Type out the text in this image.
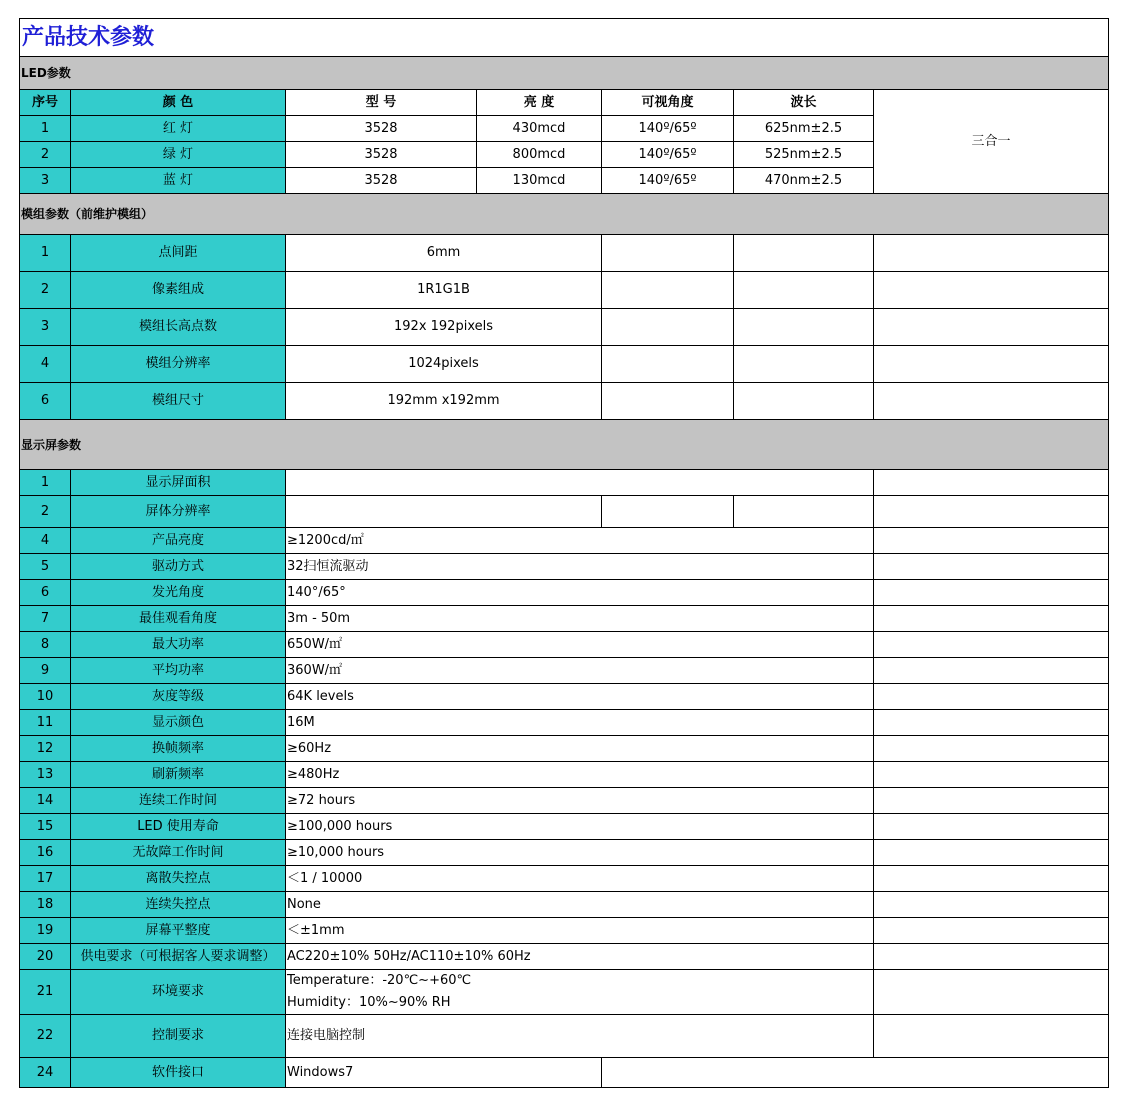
产品技术参数						
LED参数						
序号	颜 色	型 号	亮 度	可视角度	波长	三合一
1	红 灯	3528	430mcd	140º/65º	625nm±2.5	
2	绿 灯	3528	800mcd	140º/65º	525nm±2.5	
3	蓝 灯	3528	130mcd	140º/65º	470nm±2.5	
模组参数（前维护模组）						
1	点间距	6mm				
2	像素组成	1R1G1B				
3	模组长高点数	192x 192pixels				
4	模组分辨率	1024pixels				
6	模组尺寸	192mm x192mm				
显示屏参数						
1	显示屏面积					
2	屏体分辨率					
4	产品亮度	≥1200cd/㎡				
5	驱动方式	32扫恒流驱动				
6	发光角度	140°/65°				
7	最佳观看角度	3m - 50m				
8	最大功率	650W/㎡				
9	平均功率	360W/㎡				
10	灰度等级	64K levels				
11	显示颜色	16M				
12	换帧频率	≥60Hz				
13	刷新频率	≥480Hz				
14	连续工作时间	≥72 hours				
15	LED 使用寿命	≥100,000 hours				
16	无故障工作时间	≥10,000 hours				
17	离散失控点	＜1 / 10000				
18	连续失控点	None				
19	屏幕平整度	＜±1mm				
20	供电要求（可根据客人要求调整）	AC220±10% 50Hz/AC110±10% 60Hz				
21	环境要求	Temperature：-20℃~+60℃
Humidity：10%~90% RH				

22	控制要求	连接电脑控制				
24	软件接口	Windows7				
